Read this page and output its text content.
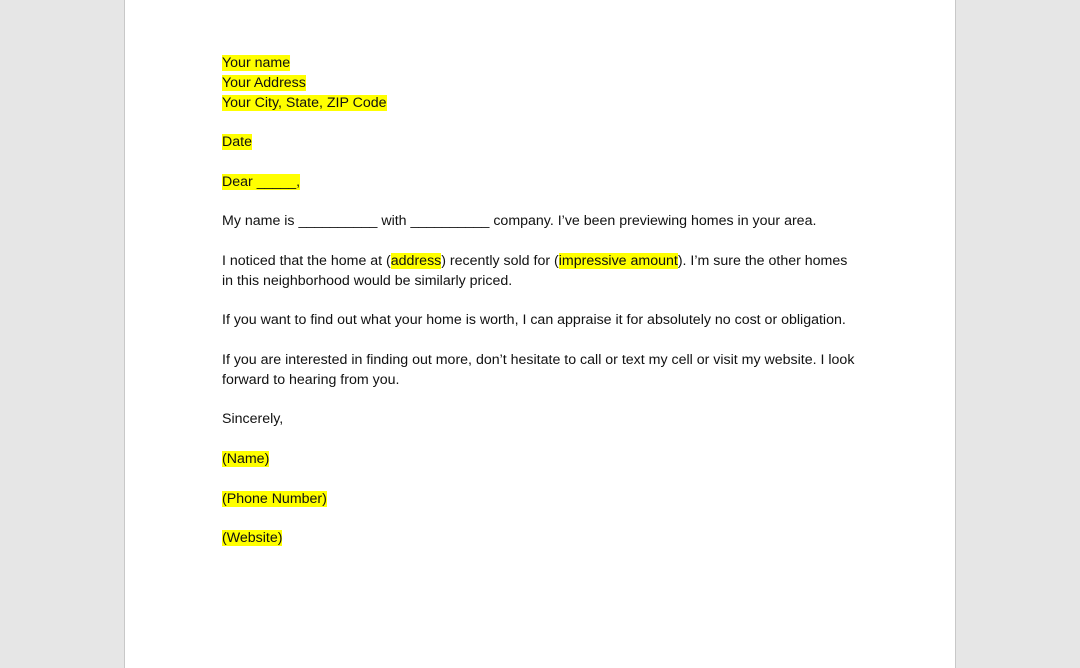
Your name
Your Address
Your City, State, ZIP Code
Date
Dear _____,
My name is __________ with __________ company. I’ve been previewing homes in your area.
I noticed that the home at (address) recently sold for (impressive amount). I’m sure the other homes in this neighborhood would be similarly priced.
If you want to find out what your home is worth, I can appraise it for absolutely no cost or obligation.
If you are interested in finding out more, don’t hesitate to call or text my cell or visit my website. I look forward to hearing from you.
Sincerely,
(Name)
(Phone Number)
(Website)
